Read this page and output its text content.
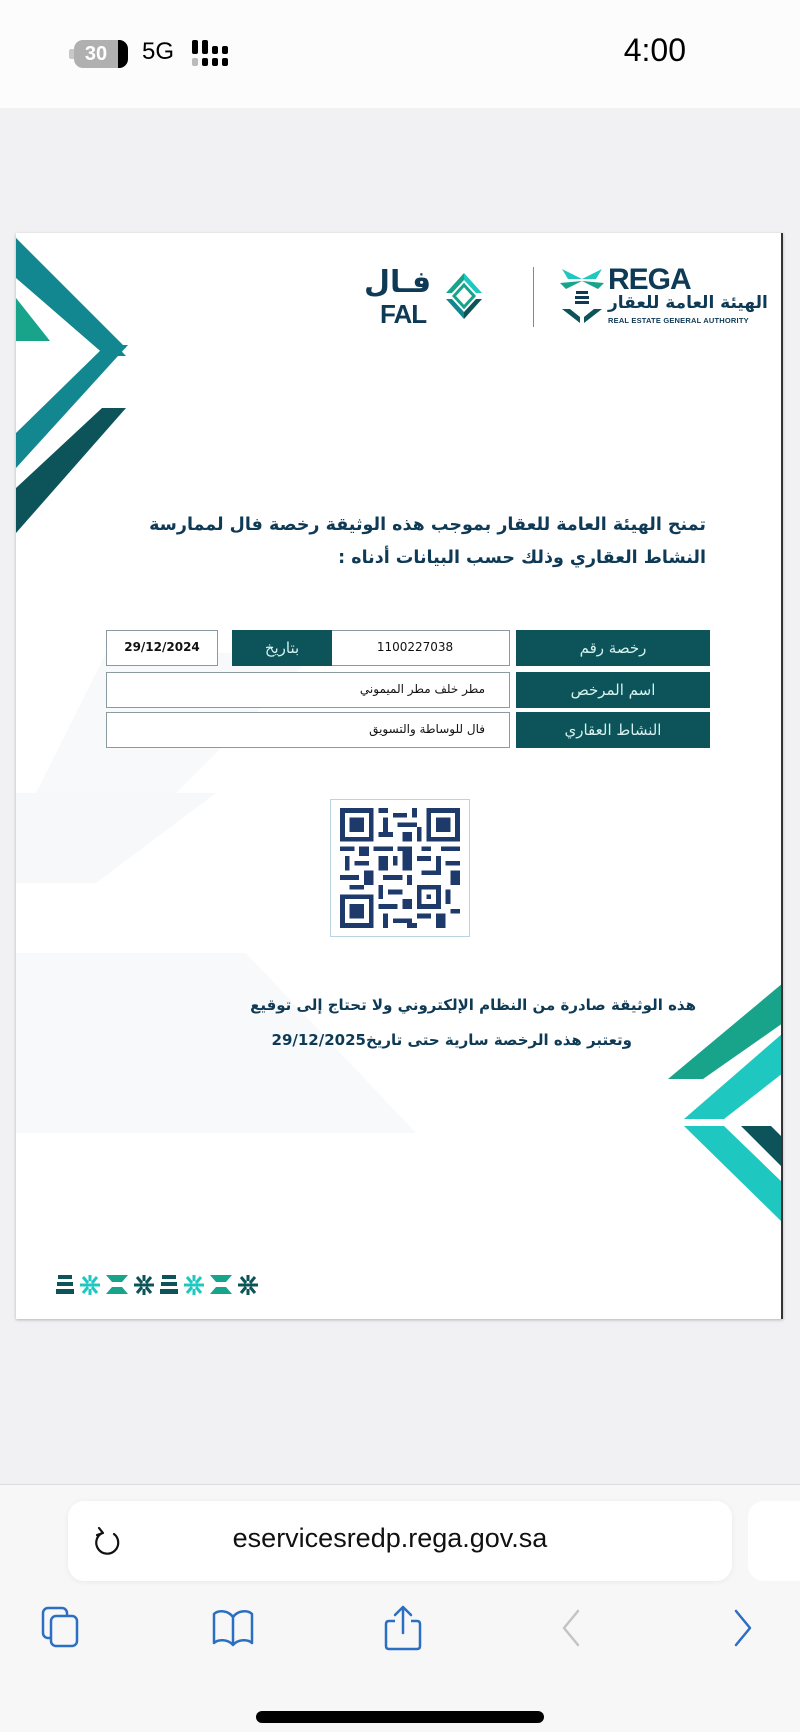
30	5G	4:00
فـال
FAL
REGA
الهيئة العامة للعقار
REAL ESTATE GENERAL AUTHORITY
تمنح الهيئة العامة للعقار بموجب هذه الوثيقة رخصة فال لممارسة
النشاط العقاري وذلك حسب البيانات أدناه :
رخصة رقم
1100227038
بتاريخ
29/12/2024
اسم المرخص
مطر خلف مطر الميموني
النشاط العقاري
فال للوساطة والتسويق
هذه الوثيقة صادرة من النظام الإلكتروني ولا تحتاج إلى توقيع
وتعتبر هذه الرخصة سارية حتى تاريخ29/12/2025
eservicesredp.rega.gov.sa
